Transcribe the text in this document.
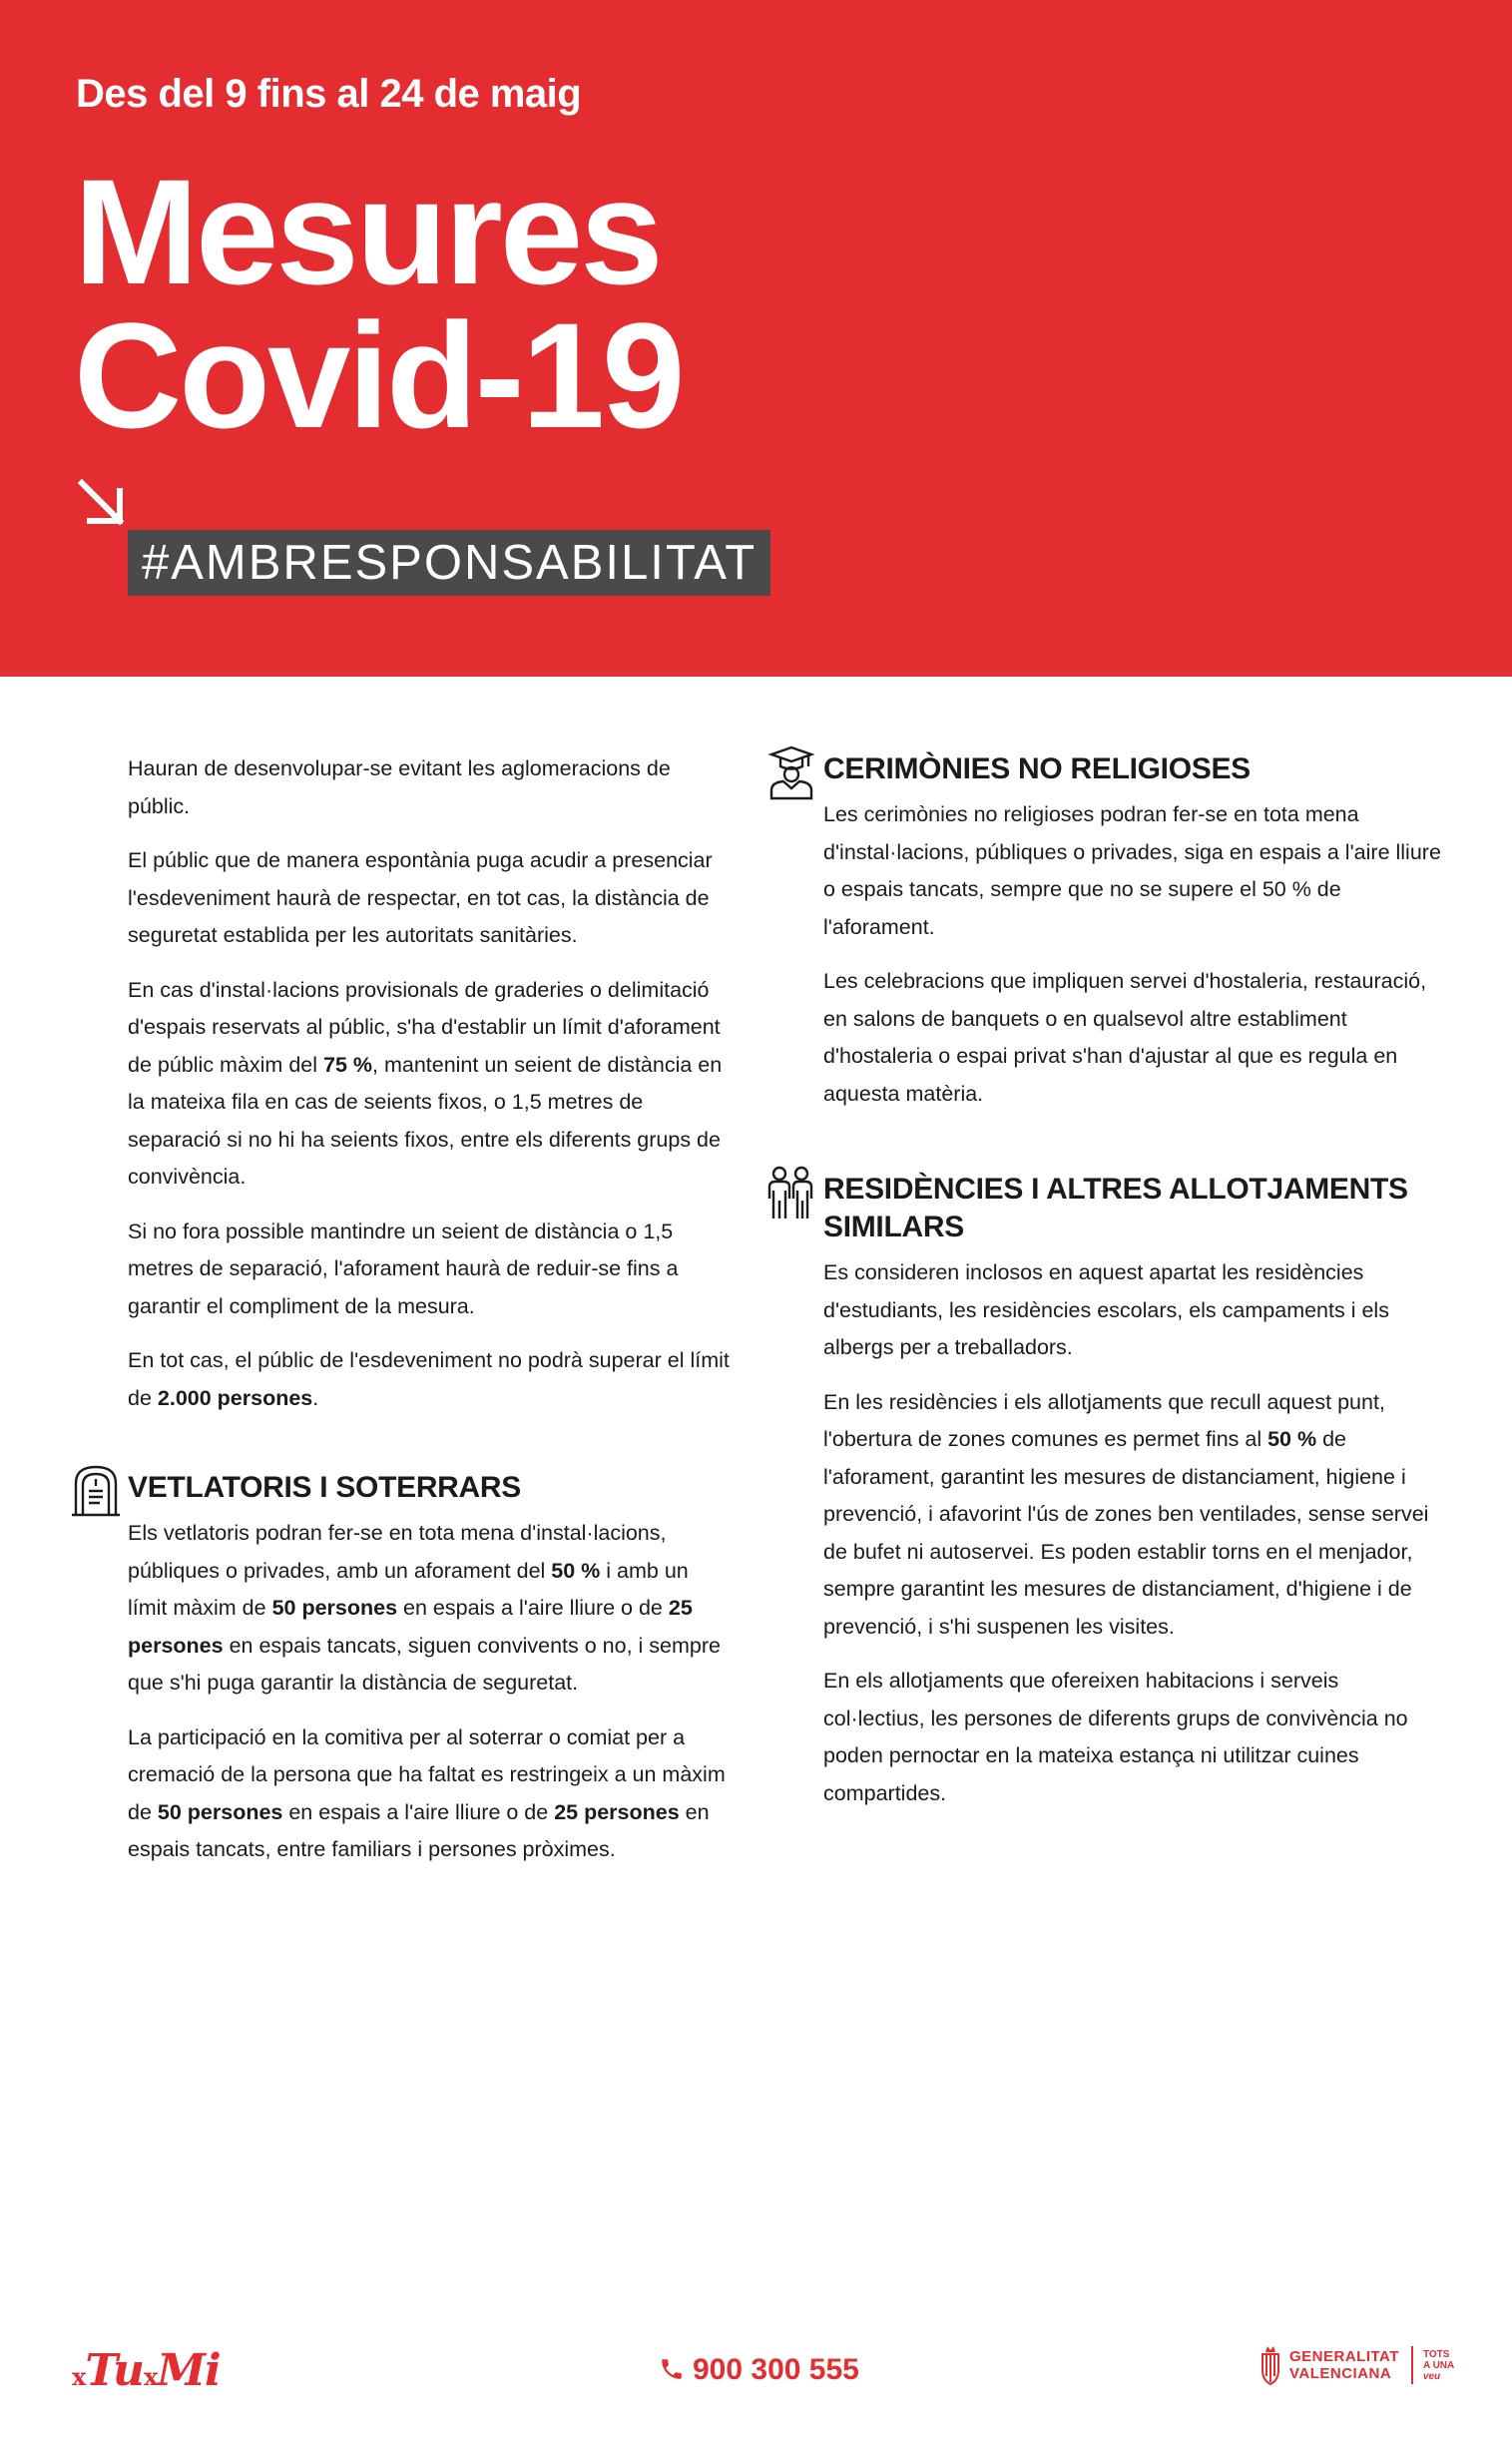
Des del 9 fins al 24 de maig
Mesures
Covid-19
#AMBRESPONSABILITAT

Hauran de desenvolupar-se evitant les aglomeracions de públic.

El públic que de manera espontània puga acudir a presenciar l'esdeveniment haurà de respectar, en tot cas, la distància de seguretat establida per les autoritats sanitàries.

En cas d'instal·lacions provisionals de graderies o delimitació d'espais reservats al públic, s'ha d'establir un límit d'aforament de públic màxim del 75 %, mantenint un seient de distància en la mateixa fila en cas de seients fixos, o 1,5 metres de separació si no hi ha seients fixos, entre els diferents grups de convivència.

Si no fora possible mantindre un seient de distància o 1,5 metres de separació, l'aforament haurà de reduir-se fins a garantir el compliment de la mesura.

En tot cas, el públic de l'esdeveniment no podrà superar el límit de 2.000 persones.

VETLATORIS I SOTERRARS

Els vetlatoris podran fer-se en tota mena d'instal·lacions, públiques o privades, amb un aforament del 50 % i amb un límit màxim de 50 persones en espais a l'aire lliure o de 25 persones en espais tancats, siguen convivents o no, i sempre que s'hi puga garantir la distància de seguretat.

La participació en la comitiva per al soterrar o comiat per a cremació de la persona que ha faltat es restringeix a un màxim de 50 persones en espais a l'aire lliure o de 25 persones en espais tancats, entre familiars i persones pròximes.

CERIMÒNIES NO RELIGIOSES

Les cerimònies no religioses podran fer-se en tota mena d'instal·lacions, públiques o privades, siga en espais a l'aire lliure o espais tancats, sempre que no se supere el 50 % de l'aforament.

Les celebracions que impliquen servei d'hostaleria, restauració, en salons de banquets o en qualsevol altre establiment d'hostaleria o espai privat s'han d'ajustar al que es regula en aquesta matèria.

RESIDÈNCIES I ALTRES ALLOTJAMENTS SIMILARS

Es consideren inclosos en aquest apartat les residències d'estudiants, les residències escolars, els campaments i els albergs per a treballadors.

En les residències i els allotjaments que recull aquest punt, l'obertura de zones comunes es permet fins al 50 % de l'aforament, garantint les mesures de distanciament, higiene i prevenció, i afavorint l'ús de zones ben ventilades, sense servei de bufet ni autoservei. Es poden establir torns en el menjador, sempre garantint les mesures de distanciament, d'higiene i de prevenció, i s'hi suspenen les visites.

En els allotjaments que ofereixen habitacions i serveis col·lectius, les persones de diferents grups de convivència no poden pernoctar en la mateixa estança ni utilitzar cuines compartides.

xTuxMi	900 300 555	GENERALITAT
VALENCIANA
TOTS
A UNA
veu
